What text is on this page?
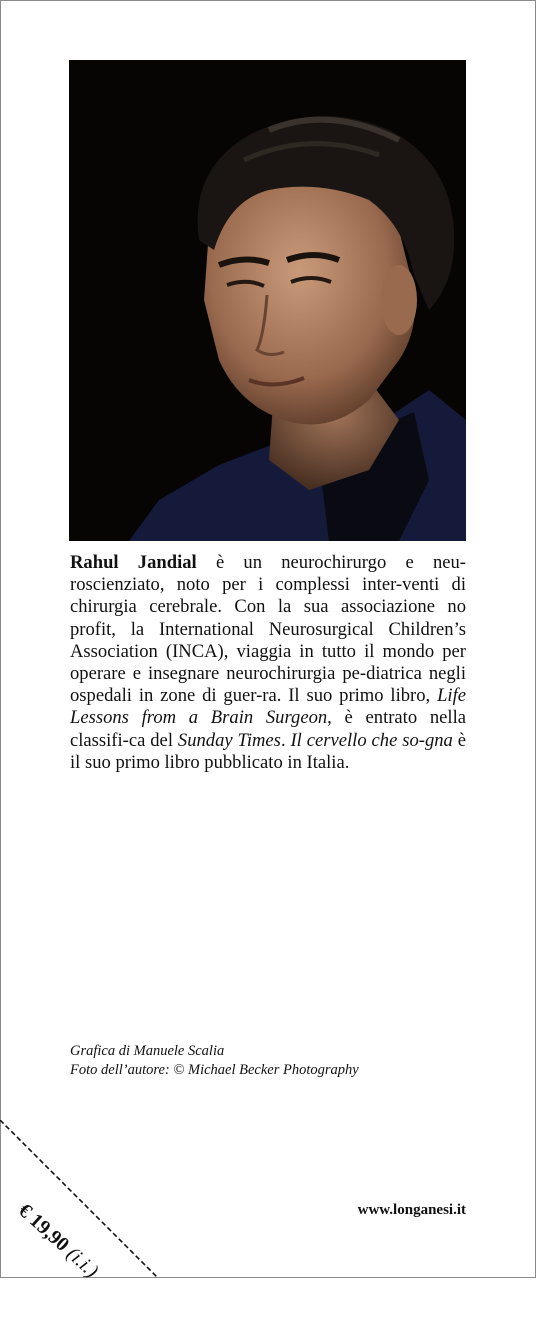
Rahul Jandial è un neurochirurgo e neu-roscienziato, noto per i complessi inter-venti di chirurgia cerebrale. Con la sua associazione no profit, la International Neurosurgical Children’s Association (INCA), viaggia in tutto il mondo per operare e insegnare neurochirurgia pe-diatrica negli ospedali in zone di guer-ra. Il suo primo libro, Life Lessons from a Brain Surgeon, è entrato nella classifi-ca del Sunday Times. Il cervello che so-gna è il suo primo libro pubblicato in Italia.

Grafica di Manuele Scalia
Foto dell’autore: © Michael Becker Photography
€ 19,90 (i.i.)
www.longanesi.it
